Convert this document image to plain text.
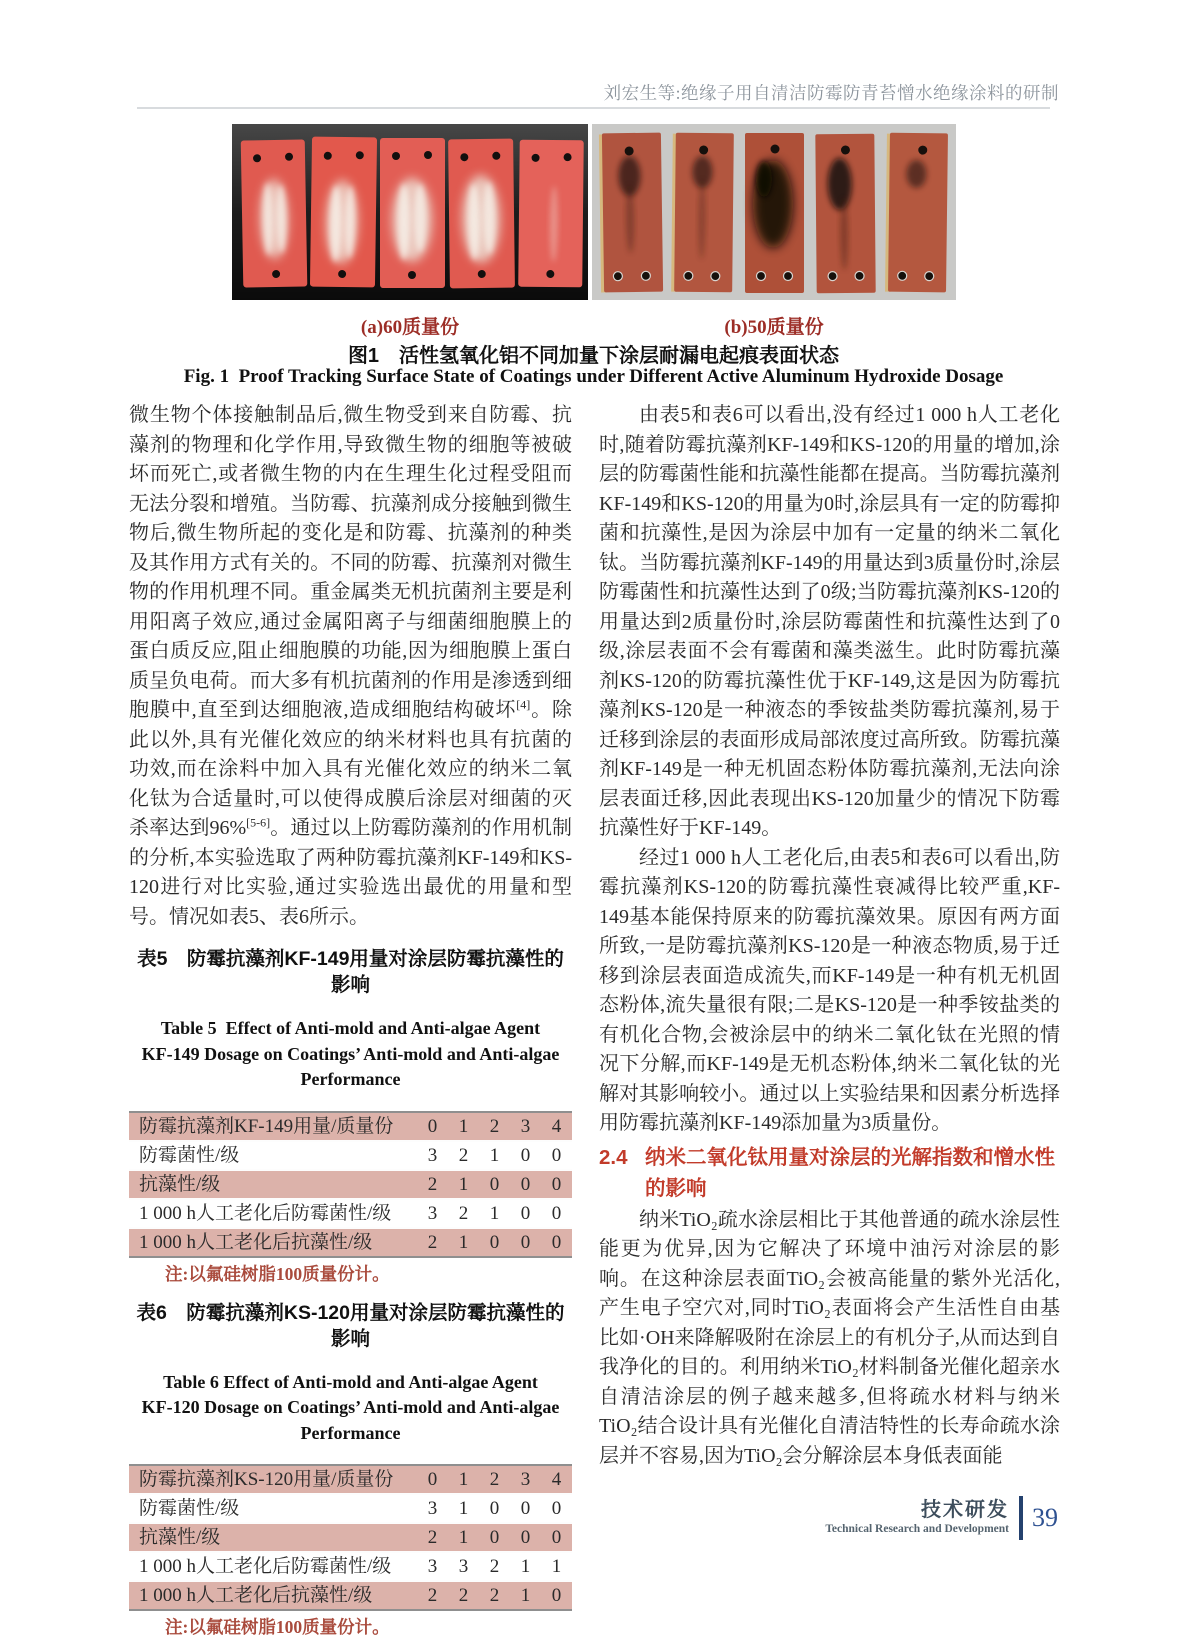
刘宏生等:绝缘子用自清洁防霉防青苔憎水绝缘涂料的研制
(a)60质量份	(b)50质量份
图1　活性氢氧化铝不同加量下涂层耐漏电起痕表面状态
Fig. 1 Proof Tracking Surface State of Coatings under Different Active Aluminum Hydroxide Dosage

微生物个体接触制品后,微生物受到来自防霉、抗藻剂的物理和化学作用,导致微生物的细胞等被破坏而死亡,或者微生物的内在生理生化过程受阻而无法分裂和增殖。当防霉、抗藻剂成分接触到微生物后,微生物所起的变化是和防霉、抗藻剂的种类及其作用方式有关的。不同的防霉、抗藻剂对微生物的作用机理不同。重金属类无机抗菌剂主要是利用阳离子效应,通过金属阳离子与细菌细胞膜上的蛋白质反应,阻止细胞膜的功能,因为细胞膜上蛋白质呈负电荷。而大多有机抗菌剂的作用是渗透到细胞膜中,直至到达细胞液,造成细胞结构破坏[4]。除此以外,具有光催化效应的纳米材料也具有抗菌的功效,而在涂料中加入具有光催化效应的纳米二氧化钛为合适量时,可以使得成膜后涂层对细菌的灭杀率达到96%[5-6]。通过以上防霉防藻剂的作用机制的分析,本实验选取了两种防霉抗藻剂KF-149和KS-120进行对比实验,通过实验选出最优的用量和型号。情况如表5、表6所示。

表5　防霉抗藻剂KF-149用量对涂层防霉抗藻性的影响

Table 5 Effect of Anti-mold and Anti-algae Agent
KF-149 Dosage on Coatings’ Anti-mold and Anti-algae
Performance

防霉抗藻剂KF-149用量/质量份	0	1	2	3	4
防霉菌性/级	3	2	1	0	0
抗藻性/级	2	1	0	0	0
1 000 h人工老化后防霉菌性/级	3	2	1	0	0
1 000 h人工老化后抗藻性/级	2	1	0	0	0

注:以氟硅树脂100质量份计。

表6　防霉抗藻剂KS-120用量对涂层防霉抗藻性的影响

Table 6 Effect of Anti-mold and Anti-algae Agent
KF-120 Dosage on Coatings’ Anti-mold and Anti-algae
Performance

防霉抗藻剂KS-120用量/质量份	0	1	2	3	4
防霉菌性/级	3	1	0	0	0
抗藻性/级	2	1	0	0	0
1 000 h人工老化后防霉菌性/级	3	3	2	1	1
1 000 h人工老化后抗藻性/级	2	2	2	1	0

注:以氟硅树脂100质量份计。

由表5和表6可以看出,没有经过1 000 h人工老化时,随着防霉抗藻剂KF-149和KS-120的用量的增加,涂层的防霉菌性能和抗藻性能都在提高。当防霉抗藻剂KF-149和KS-120的用量为0时,涂层具有一定的防霉抑菌和抗藻性,是因为涂层中加有一定量的纳米二氧化钛。当防霉抗藻剂KF-149的用量达到3质量份时,涂层防霉菌性和抗藻性达到了0级;当防霉抗藻剂KS-120的用量达到2质量份时,涂层防霉菌性和抗藻性达到了0级,涂层表面不会有霉菌和藻类滋生。此时防霉抗藻剂KS-120的防霉抗藻性优于KF-149,这是因为防霉抗藻剂KS-120是一种液态的季铵盐类防霉抗藻剂,易于迁移到涂层的表面形成局部浓度过高所致。防霉抗藻剂KF-149是一种无机固态粉体防霉抗藻剂,无法向涂层表面迁移,因此表现出KS-120加量少的情况下防霉抗藻性好于KF-149。

经过1 000 h人工老化后,由表5和表6可以看出,防霉抗藻剂KS-120的防霉抗藻性衰减得比较严重,KF-149基本能保持原来的防霉抗藻效果。原因有两方面所致,一是防霉抗藻剂KS-120是一种液态物质,易于迁移到涂层表面造成流失,而KF-149是一种有机无机固态粉体,流失量很有限;二是KS-120是一种季铵盐类的有机化合物,会被涂层中的纳米二氧化钛在光照的情况下分解,而KF-149是无机态粉体,纳米二氧化钛的光解对其影响较小。通过以上实验结果和因素分析选择用防霉抗藻剂KF-149添加量为3质量份。

2.4 纳米二氧化钛用量对涂层的光解指数和憎水性的影响

纳米TiO₂疏水涂层相比于其他普通的疏水涂层性能更为优异,因为它解决了环境中油污对涂层的影响。在这种涂层表面TiO₂会被高能量的紫外光活化,产生电子空穴对,同时TiO₂表面将会产生活性自由基比如·OH来降解吸附在涂层上的有机分子,从而达到自我净化的目的。利用纳米TiO₂材料制备光催化超亲水自清洁涂层的例子越来越多,但将疏水材料与纳米TiO₂结合设计具有光催化自清洁特性的长寿命疏水涂层并不容易,因为TiO₂会分解涂层本身低表面能

技术研发
Technical Research and Development 39
